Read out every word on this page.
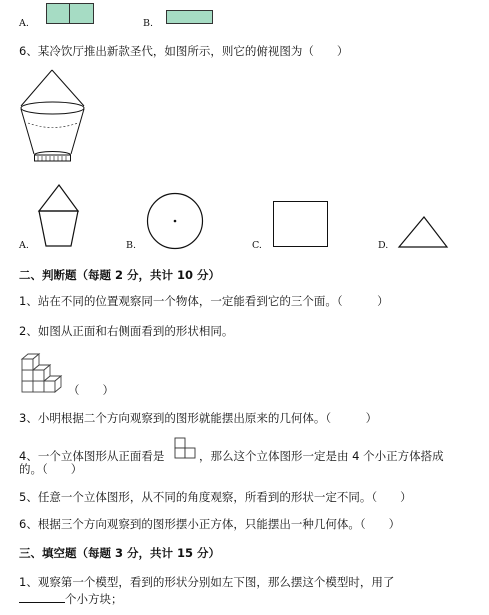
A.	B.
6、某冷饮厅推出新款圣代，如图所示，则它的俯视图为（　　）
A.	B.	C.	D.
二、判断题（每题 2 分，共计 10 分）
1、站在不同的位置观察同一个物体，一定能看到它的三个面。（　　　）
2、如图从正面和右侧面看到的形状相同。
（　　）
3、小明根据二个方向观察到的图形就能摆出原来的几何体。（　　　）
4、一个立体图形从正面看是	，那么这个立体图形一定是由 4 个小正方体搭成
的。（　　）
5、任意一个立体图形，从不同的角度观察，所看到的形状一定不同。（　　）
6、根据三个方向观察到的图形摆小正方体，只能摆出一种几何体。（　　）
三、填空题（每题 3 分，共计 15 分）
1、观察第一个模型，看到的形状分别如左下图，那么摆这个模型时，用了
个小方块；
